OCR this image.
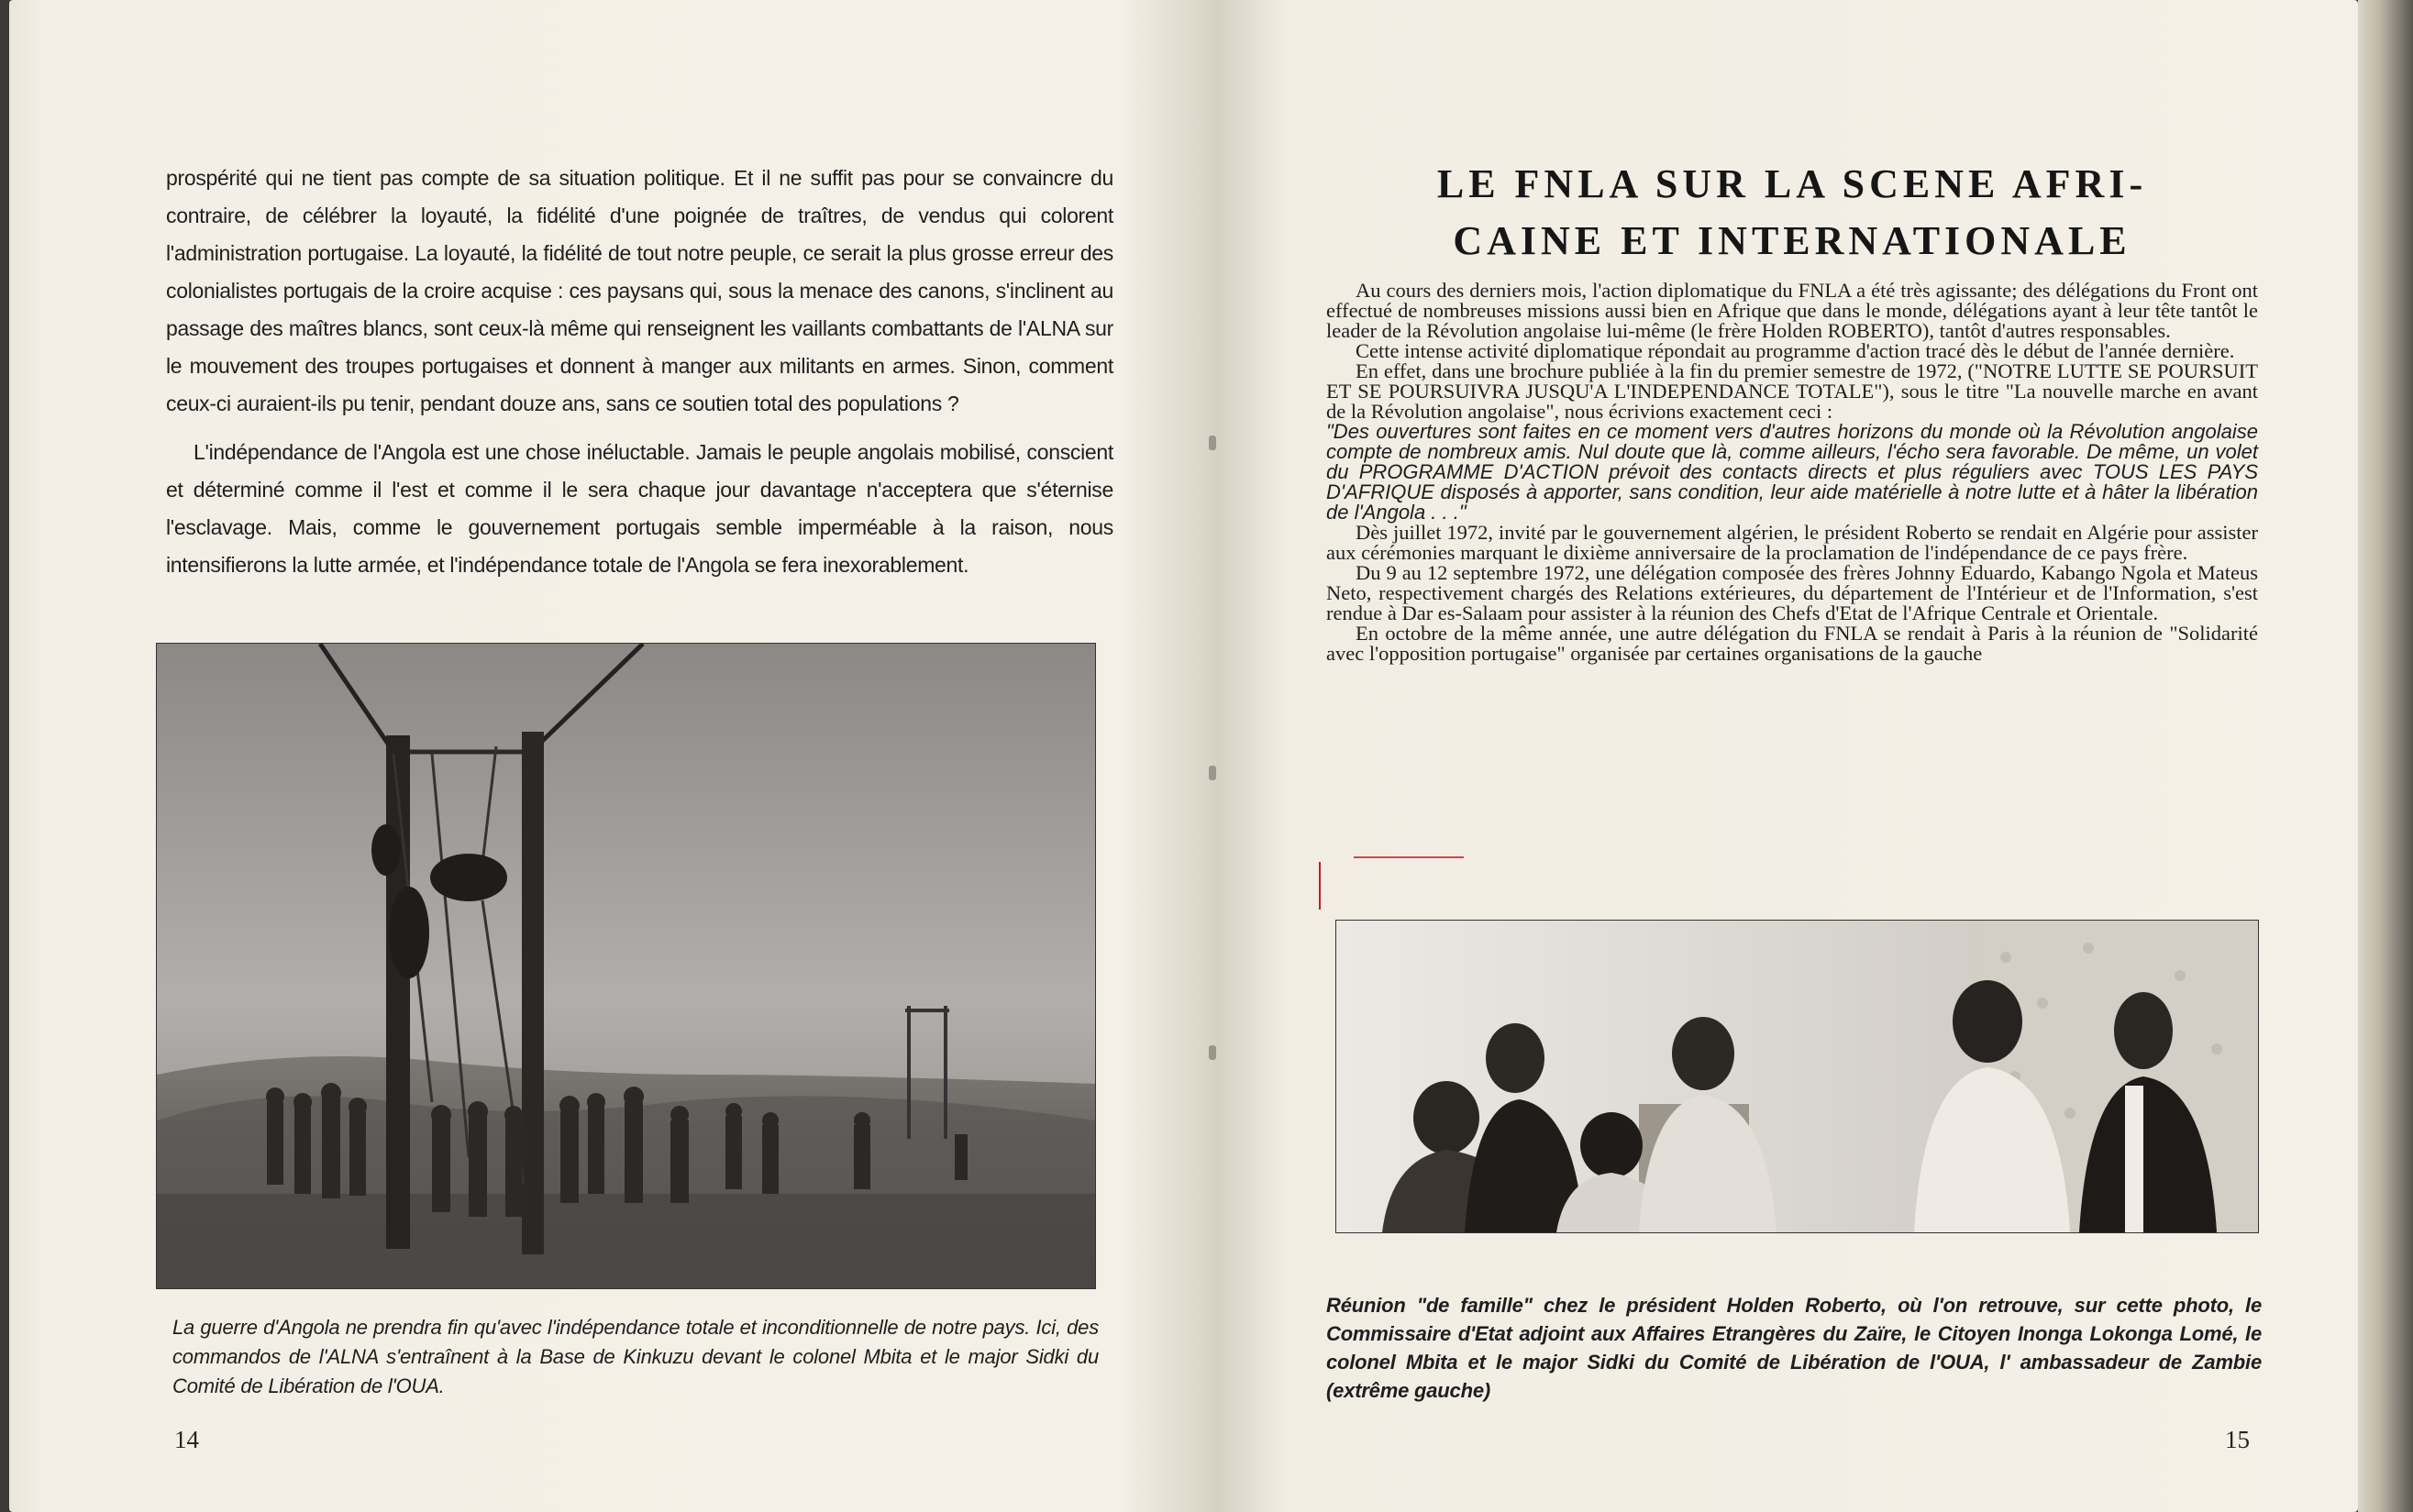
prospérité qui ne tient pas compte de sa situation politique. Et il ne suffit pas pour se convaincre du contraire, de célébrer la loyauté, la fidélité d'une poignée de traîtres, de vendus qui colorent l'administration portugaise. La loyauté, la fidélité de tout notre peuple, ce serait la plus grosse erreur des colonialistes portugais de la croire acquise : ces paysans qui, sous la menace des canons, s'inclinent au passage des maîtres blancs, sont ceux-là même qui renseignent les vaillants combattants de l'ALNA sur le mouvement des troupes portugaises et donnent à manger aux militants en armes. Sinon, comment ceux-ci auraient-ils pu tenir, pendant douze ans, sans ce soutien total des populations ?

L'indépendance de l'Angola est une chose inéluctable. Jamais le peuple angolais mobilisé, conscient et déterminé comme il l'est et comme il le sera chaque jour davantage n'acceptera que s'éternise l'esclavage. Mais, comme le gouvernement portugais semble imperméable à la raison, nous intensifierons la lutte armée, et l'indépendance totale de l'Angola se fera inexorablement.

La guerre d'Angola ne prendra fin qu'avec l'indépendance totale et inconditionnelle de notre pays. Ici, des commandos de l'ALNA s'entraînent à la Base de Kinkuzu devant le colonel Mbita et le major Sidki du Comité de Libération de l'OUA.
14
LE FNLA SUR LA SCENE AFRI-
CAINE ET INTERNATIONALE

Au cours des derniers mois, l'action diplomatique du FNLA a été très agissante; des délégations du Front ont effectué de nombreuses missions aussi bien en Afrique que dans le monde, délégations ayant à leur tête tantôt le leader de la Révolution angolaise lui-même (le frère Holden ROBERTO), tantôt d'autres responsables.

Cette intense activité diplomatique répondait au programme d'action tracé dès le début de l'année dernière.

En effet, dans une brochure publiée à la fin du premier semestre de 1972, ("NOTRE LUTTE SE POURSUIT ET SE POURSUIVRA JUSQU'A L'INDEPENDANCE TOTALE"), sous le titre "La nouvelle marche en avant de la Révolution angolaise", nous écrivions exactement ceci :

"Des ouvertures sont faites en ce moment vers d'autres horizons du monde où la Révolution angolaise compte de nombreux amis. Nul doute que là, comme ailleurs, l'écho sera favorable. De même, un volet du PROGRAMME D'ACTION prévoit des contacts directs et plus réguliers avec TOUS LES PAYS D'AFRIQUE disposés à apporter, sans condition, leur aide matérielle à notre lutte et à hâter la libération de l'Angola . . ."

Dès juillet 1972, invité par le gouvernement algérien, le président Roberto se rendait en Algérie pour assister aux cérémonies marquant le dixième anniversaire de la proclamation de l'indépendance de ce pays frère.

Du 9 au 12 septembre 1972, une délégation composée des frères Johnny Eduardo, Kabango Ngola et Mateus Neto, respectivement chargés des Relations extérieures, du département de l'Intérieur et de l'Information, s'est rendue à Dar es-Salaam pour assister à la réunion des Chefs d'Etat de l'Afrique Centrale et Orientale.

En octobre de la même année, une autre délégation du FNLA se rendait à Paris à la réunion de "Solidarité avec l'opposition portugaise" organisée par certaines organisations de la gauche

Réunion "de famille" chez le président Holden Roberto, où l'on retrouve, sur cette photo, le Commissaire d'Etat adjoint aux Affaires Etrangères du Zaïre, le Citoyen Inonga Lokonga Lomé, le colonel Mbita et le major Sidki du Comité de Libération de l'OUA, l' ambassadeur de Zambie (extrême gauche)
15
